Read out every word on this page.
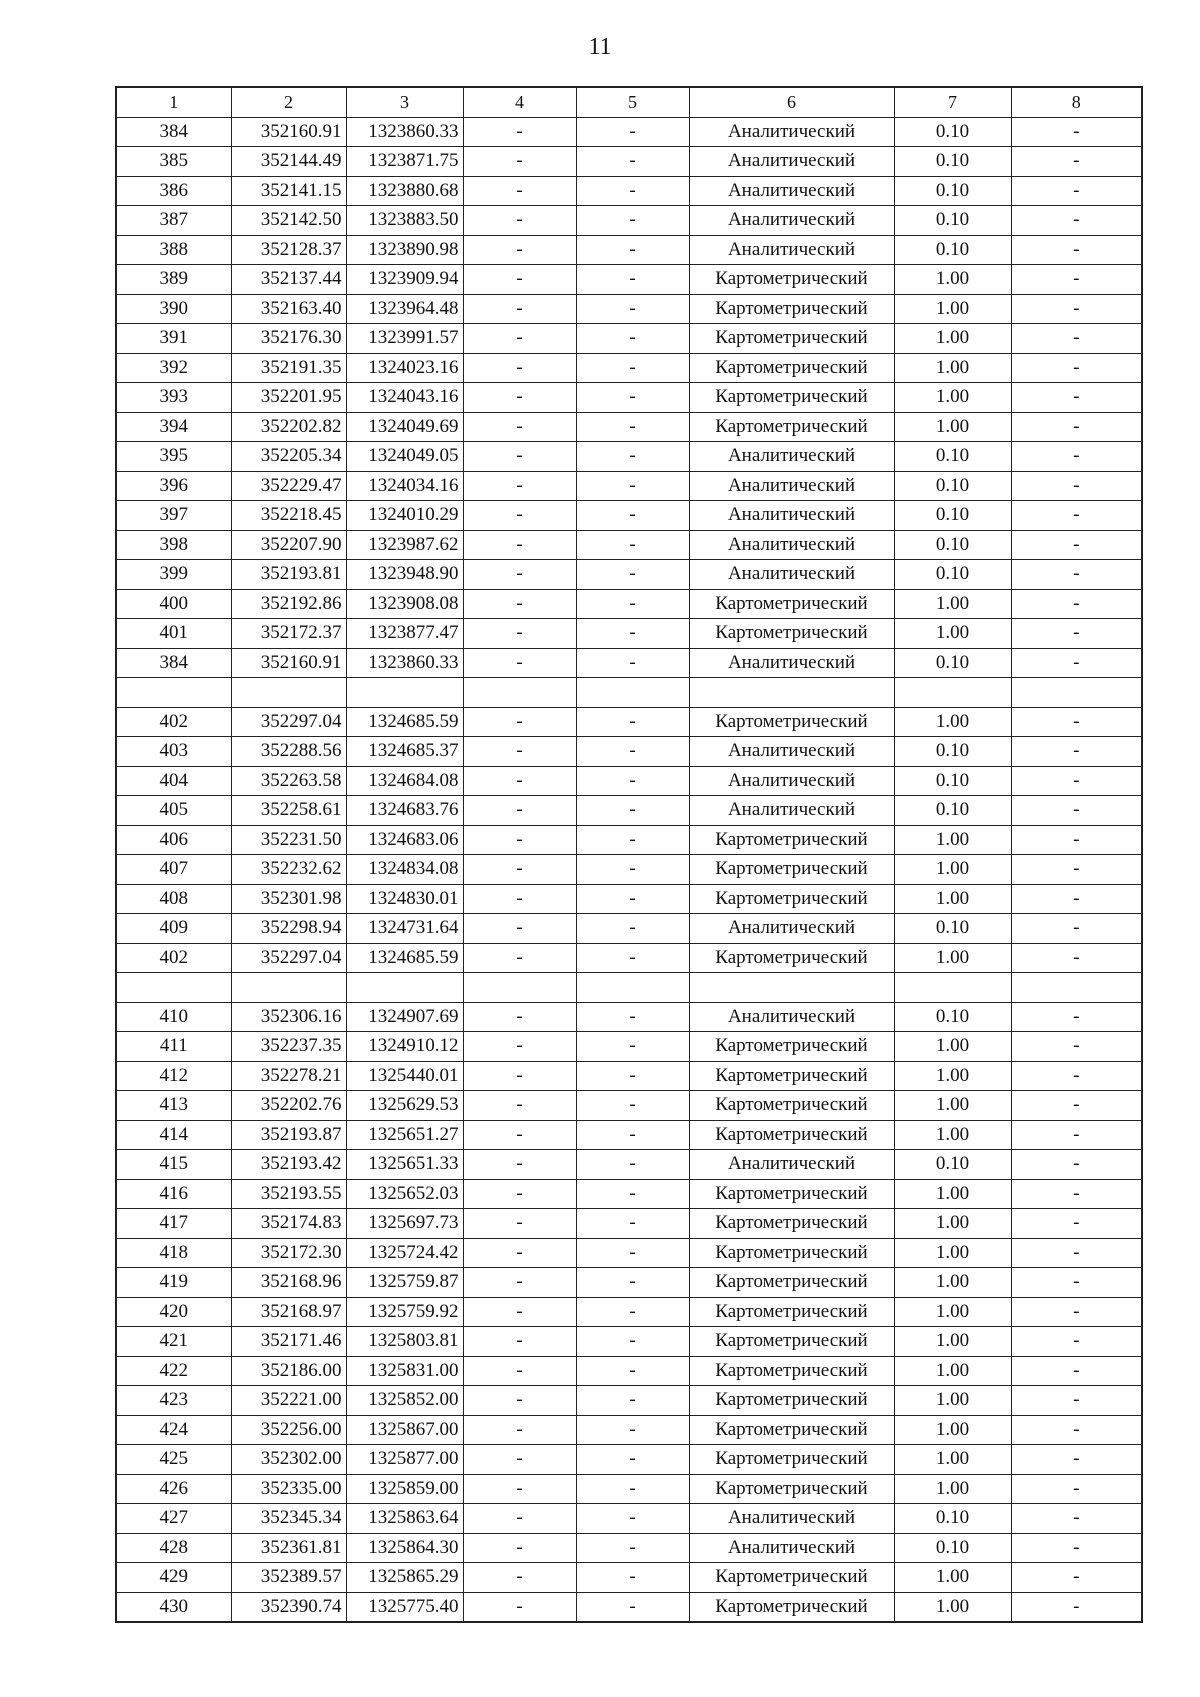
11
1	2	3	4	5	6	7	8
384	352160.91	1323860.33	-	-	Аналитический	0.10	-
385	352144.49	1323871.75	-	-	Аналитический	0.10	-
386	352141.15	1323880.68	-	-	Аналитический	0.10	-
387	352142.50	1323883.50	-	-	Аналитический	0.10	-
388	352128.37	1323890.98	-	-	Аналитический	0.10	-
389	352137.44	1323909.94	-	-	Картометрический	1.00	-
390	352163.40	1323964.48	-	-	Картометрический	1.00	-
391	352176.30	1323991.57	-	-	Картометрический	1.00	-
392	352191.35	1324023.16	-	-	Картометрический	1.00	-
393	352201.95	1324043.16	-	-	Картометрический	1.00	-
394	352202.82	1324049.69	-	-	Картометрический	1.00	-
395	352205.34	1324049.05	-	-	Аналитический	0.10	-
396	352229.47	1324034.16	-	-	Аналитический	0.10	-
397	352218.45	1324010.29	-	-	Аналитический	0.10	-
398	352207.90	1323987.62	-	-	Аналитический	0.10	-
399	352193.81	1323948.90	-	-	Аналитический	0.10	-
400	352192.86	1323908.08	-	-	Картометрический	1.00	-
401	352172.37	1323877.47	-	-	Картометрический	1.00	-
384	352160.91	1323860.33	-	-	Аналитический	0.10	-

402	352297.04	1324685.59	-	-	Картометрический	1.00	-
403	352288.56	1324685.37	-	-	Аналитический	0.10	-
404	352263.58	1324684.08	-	-	Аналитический	0.10	-
405	352258.61	1324683.76	-	-	Аналитический	0.10	-
406	352231.50	1324683.06	-	-	Картометрический	1.00	-
407	352232.62	1324834.08	-	-	Картометрический	1.00	-
408	352301.98	1324830.01	-	-	Картометрический	1.00	-
409	352298.94	1324731.64	-	-	Аналитический	0.10	-
402	352297.04	1324685.59	-	-	Картометрический	1.00	-

410	352306.16	1324907.69	-	-	Аналитический	0.10	-
411	352237.35	1324910.12	-	-	Картометрический	1.00	-
412	352278.21	1325440.01	-	-	Картометрический	1.00	-
413	352202.76	1325629.53	-	-	Картометрический	1.00	-
414	352193.87	1325651.27	-	-	Картометрический	1.00	-
415	352193.42	1325651.33	-	-	Аналитический	0.10	-
416	352193.55	1325652.03	-	-	Картометрический	1.00	-
417	352174.83	1325697.73	-	-	Картометрический	1.00	-
418	352172.30	1325724.42	-	-	Картометрический	1.00	-
419	352168.96	1325759.87	-	-	Картометрический	1.00	-
420	352168.97	1325759.92	-	-	Картометрический	1.00	-
421	352171.46	1325803.81	-	-	Картометрический	1.00	-
422	352186.00	1325831.00	-	-	Картометрический	1.00	-
423	352221.00	1325852.00	-	-	Картометрический	1.00	-
424	352256.00	1325867.00	-	-	Картометрический	1.00	-
425	352302.00	1325877.00	-	-	Картометрический	1.00	-
426	352335.00	1325859.00	-	-	Картометрический	1.00	-
427	352345.34	1325863.64	-	-	Аналитический	0.10	-
428	352361.81	1325864.30	-	-	Аналитический	0.10	-
429	352389.57	1325865.29	-	-	Картометрический	1.00	-
430	352390.74	1325775.40	-	-	Картометрический	1.00	-
